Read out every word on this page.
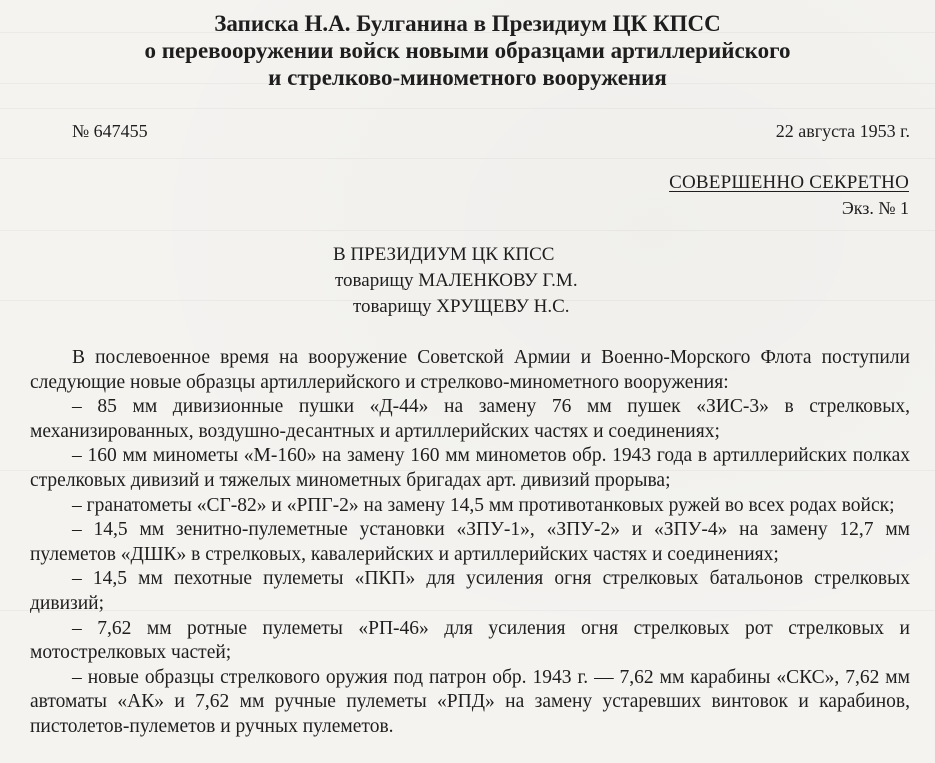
Записка Н.А. Булганина в Президиум ЦК КПСС
о перевооружении войск новыми образцами артиллерийского
и стрелково-минометного вооружения
№ 647455	22 августа 1953 г.
СОВЕРШЕННО СЕКРЕТНО
Экз. № 1
В ПРЕЗИДИУМ ЦК КПСС
товарищу МАЛЕНКОВУ Г.М.
товарищу ХРУЩЕВУ Н.С.

В послевоенное время на вооружение Советской Армии и Военно-Морского Флота поступили следующие новые образцы артиллерийского и стрелково-минометного вооружения:

– 85 мм дивизионные пушки «Д-44» на замену 76 мм пушек «ЗИС-3» в стрелковых, механизированных, воздушно-десантных и артиллерийских частях и соединениях;

– 160 мм минометы «М-160» на замену 160 мм минометов обр. 1943 года в артиллерийских полках стрелковых дивизий и тяжелых минометных бригадах арт. дивизий прорыва;

– гранатометы «СГ-82» и «РПГ-2» на замену 14,5 мм противотанковых ружей во всех родах войск;

– 14,5 мм зенитно-пулеметные установки «ЗПУ-1», «ЗПУ-2» и «ЗПУ-4» на замену 12,7 мм пулеметов «ДШК» в стрелковых, кавалерийских и артиллерийских частях и соединениях;

– 14,5 мм пехотные пулеметы «ПКП» для усиления огня стрелковых батальонов стрелковых дивизий;

– 7,62 мм ротные пулеметы «РП-46» для усиления огня стрелковых рот стрелковых и мотострелковых частей;

– новые образцы стрелкового оружия под патрон обр. 1943 г. — 7,62 мм карабины «СКС», 7,62 мм автоматы «АК» и 7,62 мм ручные пулеметы «РПД» на замену устаревших винтовок и карабинов, пистолетов-пулеметов и ручных пулеметов.
